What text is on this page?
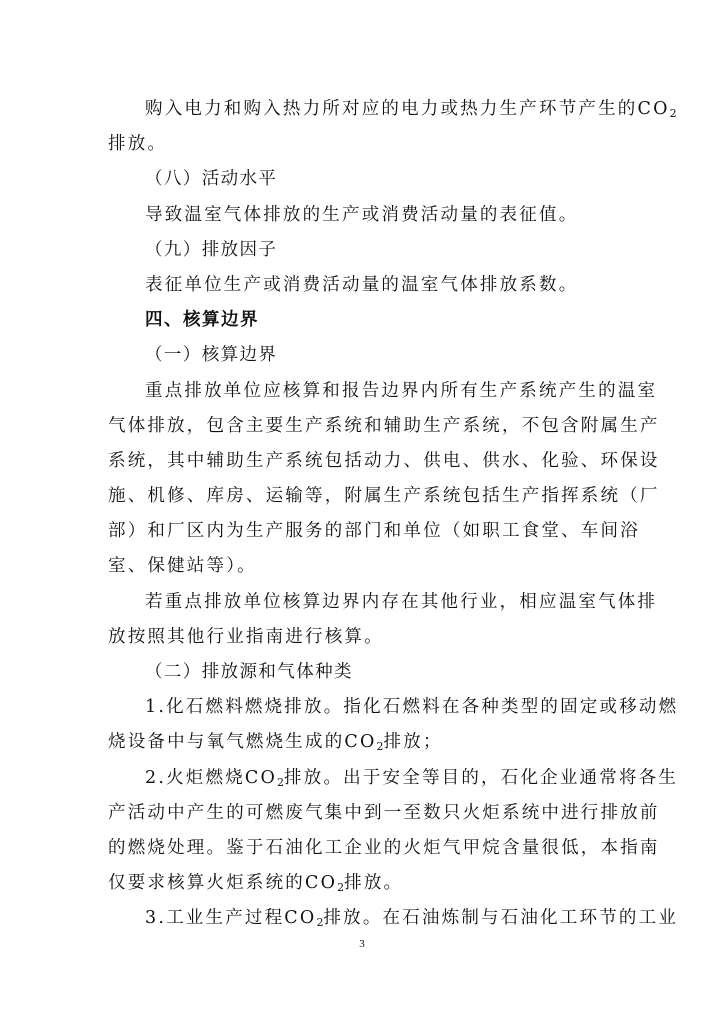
购入电力和购入热力所对应的电力或热力生产环节产生的$CO_2$
排放。
（八）活动水平
导致温室气体排放的生产或消费活动量的表征值。
（九）排放因子
表征单位生产或消费活动量的温室气体排放系数。
四、核算边界
（一）核算边界
重点排放单位应核算和报告边界内所有生产系统产生的温室
气体排放，包含主要生产系统和辅助生产系统，不包含附属生产
系统，其中辅助生产系统包括动力、供电、供水、化验、环保设
施、机修、库房、运输等，附属生产系统包括生产指挥系统（厂
部）和厂区内为生产服务的部门和单位（如职工食堂、车间浴
室、保健站等）。
若重点排放单位核算边界内存在其他行业，相应温室气体排
放按照其他行业指南进行核算。
（二）排放源和气体种类
1.化石燃料燃烧排放。指化石燃料在各种类型的固定或移动燃
烧设备中与氧气燃烧生成的$CO_2$排放；
2.火炬燃烧$CO_2$排放。出于安全等目的，石化企业通常将各生
产活动中产生的可燃废气集中到一至数只火炬系统中进行排放前
的燃烧处理。鉴于石油化工企业的火炬气甲烷含量很低，本指南
仅要求核算火炬系统的$CO_2$排放。
3.工业生产过程$CO_2$排放。在石油炼制与石油化工环节的工业
3
